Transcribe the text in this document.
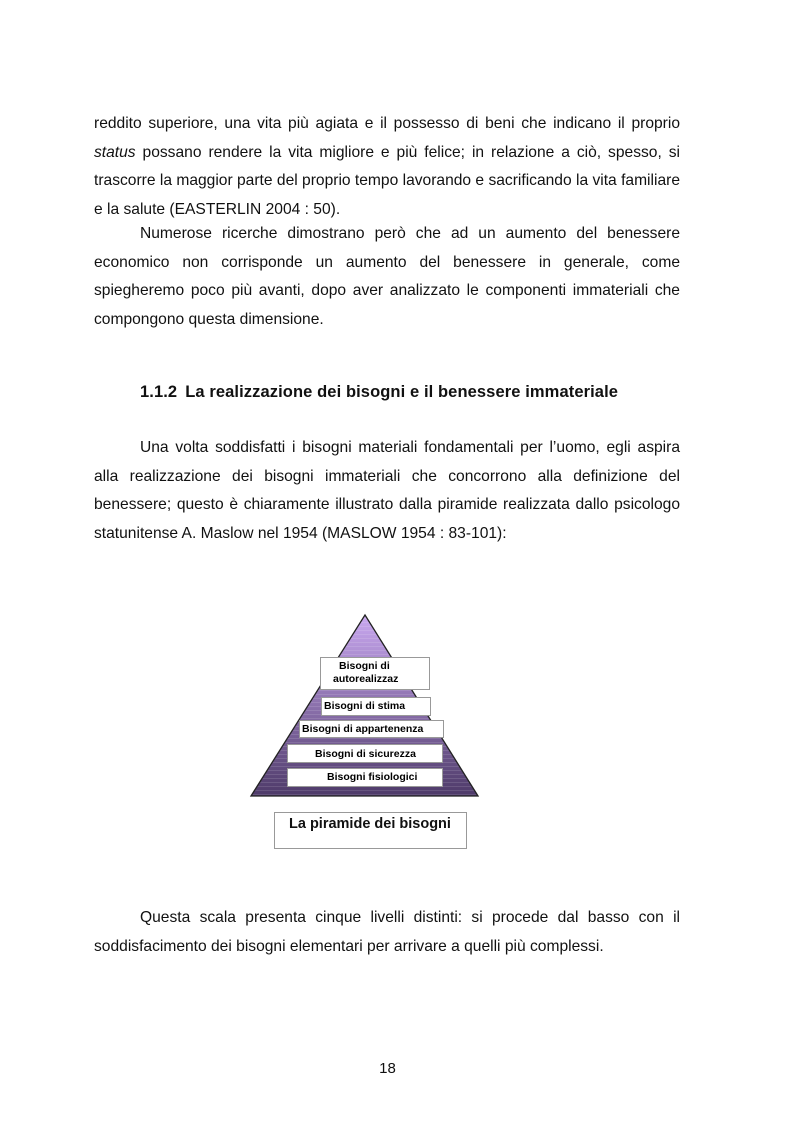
reddito superiore, una vita più agiata e il possesso di beni che indicano il proprio status possano rendere la vita migliore e più felice; in relazione a ciò, spesso, si trascorre la maggior parte del proprio tempo lavorando e sacrificando la vita familiare e la salute (EASTERLIN 2004 : 50).

Numerose ricerche dimostrano però che ad un aumento del benessere economico non corrisponde un aumento del benessere in generale, come spiegheremo poco più avanti, dopo aver analizzato le componenti immateriali che compongono questa dimensione.

1.1.2 La realizzazione dei bisogni e il benessere immateriale

Una volta soddisfatti i bisogni materiali fondamentali per l’uomo, egli aspira alla realizzazione dei bisogni immateriali che concorrono alla definizione del benessere; questo è chiaramente illustrato dalla piramide realizzata dallo psicologo statunitense A. Maslow nel 1954 (MASLOW 1954 : 83-101):

Bisogni di
autorealizzaz
Bisogni di stima
Bisogni di appartenenza
Bisogni di sicurezza
Bisogni fisiologici
La piramide dei bisogni

Questa scala presenta cinque livelli distinti: si procede dal basso con il soddisfacimento dei bisogni elementari per arrivare a quelli più complessi.

18
